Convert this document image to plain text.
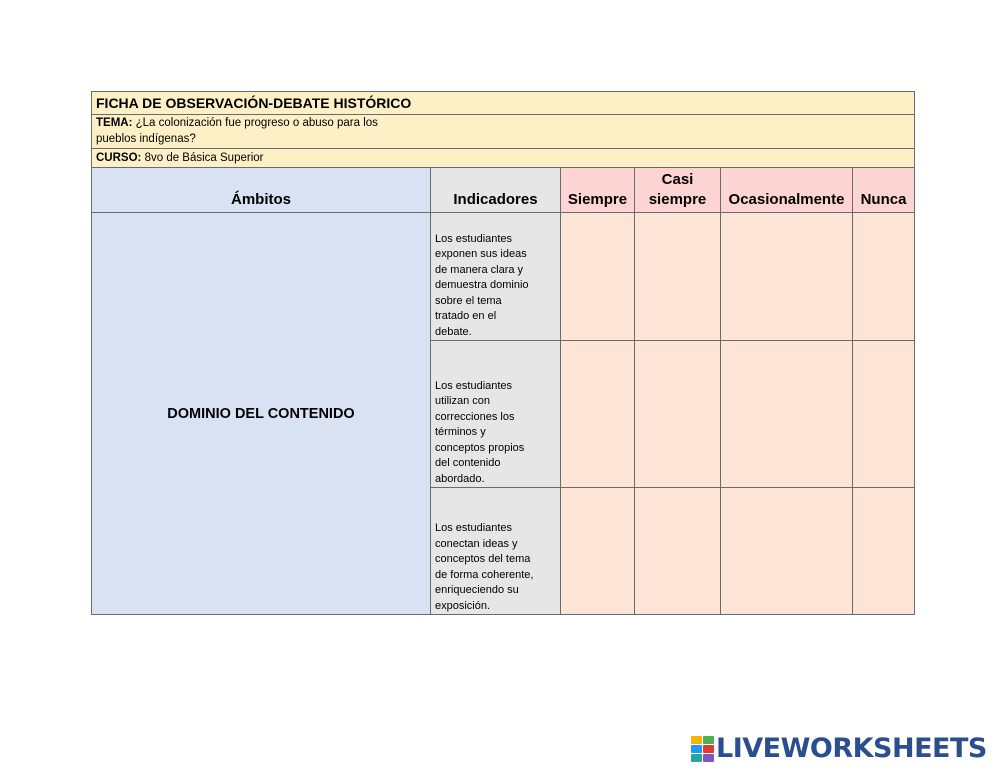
FICHA DE OBSERVACIÓN-DEBATE HISTÓRICO					
TEMA: ¿La colonización fue progreso o abuso para los pueblos indígenas?					
CURSO: 8vo de Básica Superior					
Ámbitos	Indicadores	Siempre	Casi siempre	Ocasionalmente	Nunca
DOMINIO DEL CONTENIDO	Los estudiantes exponen sus ideas de manera clara y demuestra dominio sobre el tema tratado en el debate.				

	Los estudiantes utilizan con correcciones los términos y conceptos propios del contenido abordado.				

	Los estudiantes conectan ideas y conceptos del tema de forma coherente, enriqueciendo su exposición.				

LIVEWORKSHEETS
